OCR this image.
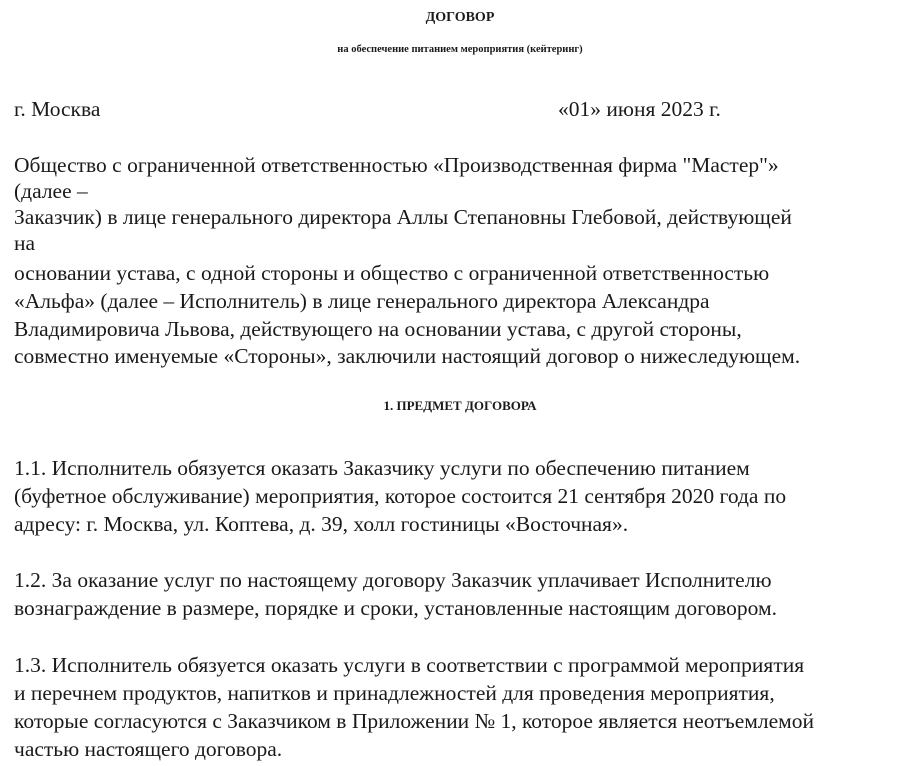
ДОГОВОР
на обеспечение питанием мероприятия (кейтеринг)
г. Москва	«01» июня 2023 г.
Общество с ограниченной ответственностью «Производственная фирма "Мастер"»
(далее –
Заказчик) в лице генерального директора Аллы Степановны Глебовой, действующей
на
основании устава, с одной стороны и общество с ограниченной ответственностью
«Альфа» (далее – Исполнитель) в лице генерального директора Александра
Владимировича Львова, действующего на основании устава, с другой стороны,
совместно именуемые «Стороны», заключили настоящий договор о нижеследующем.
1. ПРЕДМЕТ ДОГОВОРА
1.1. Исполнитель обязуется оказать Заказчику услуги по обеспечению питанием
(буфетное обслуживание) мероприятия, которое состоится 21 сентября 2020 года по
адресу: г. Москва, ул. Коптева, д. 39, холл гостиницы «Восточная».
1.2. За оказание услуг по настоящему договору Заказчик уплачивает Исполнителю
вознаграждение в размере, порядке и сроки, установленные настоящим договором.
1.3. Исполнитель обязуется оказать услуги в соответствии с программой мероприятия
и перечнем продуктов, напитков и принадлежностей для проведения мероприятия,
которые согласуются с Заказчиком в Приложении № 1, которое является неотъемлемой
частью настоящего договора.
